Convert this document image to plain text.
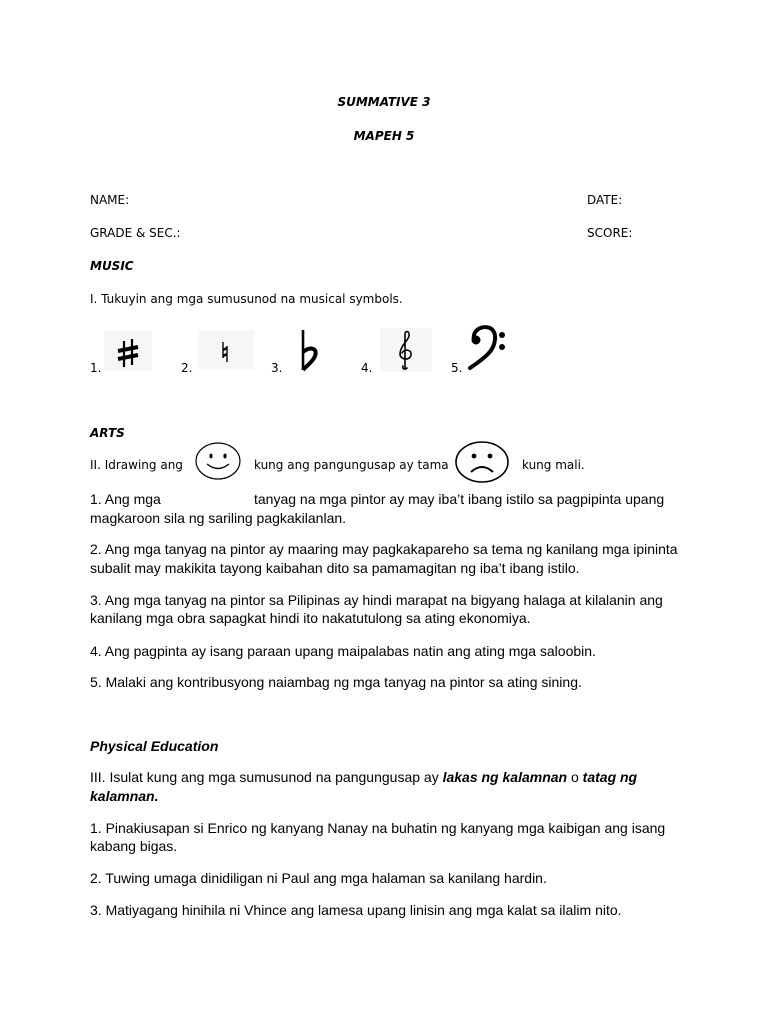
SUMMATIVE 3
MAPEH 5
NAME:	DATE:
GRADE & SEC.:	SCORE:
MUSIC
I. Tukuyin ang mga sumusunod na musical symbols.
1.	2.	3.	4.	5.
ARTS
II. Idrawing ang	kung ang pangungusap ay tama	kung mali.
1. Ang mga	tanyag na mga pintor ay may iba’t ibang istilo sa pagpipinta upang
magkaroon sila ng sariling pagkakilanlan.
2. Ang mga tanyag na pintor ay maaring may pagkakapareho sa tema ng kanilang mga ipininta
subalit may makikita tayong kaibahan dito sa pamamagitan ng iba’t ibang istilo.
3. Ang mga tanyag na pintor sa Pilipinas ay hindi marapat na bigyang halaga at kilalanin ang
kanilang mga obra sapagkat hindi ito nakatutulong sa ating ekonomiya.
4. Ang pagpinta ay isang paraan upang maipalabas natin ang ating mga saloobin.
5. Malaki ang kontribusyong naiambag ng mga tanyag na pintor sa ating sining.
Physical Education
III. Isulat kung ang mga sumusunod na pangungusap ay lakas ng kalamnan o tatag ng
kalamnan.
1. Pinakiusapan si Enrico ng kanyang Nanay na buhatin ng kanyang mga kaibigan ang isang
kabang bigas.
2. Tuwing umaga dinidiligan ni Paul ang mga halaman sa kanilang hardin.
3. Matiyagang hinihila ni Vhince ang lamesa upang linisin ang mga kalat sa ilalim nito.
